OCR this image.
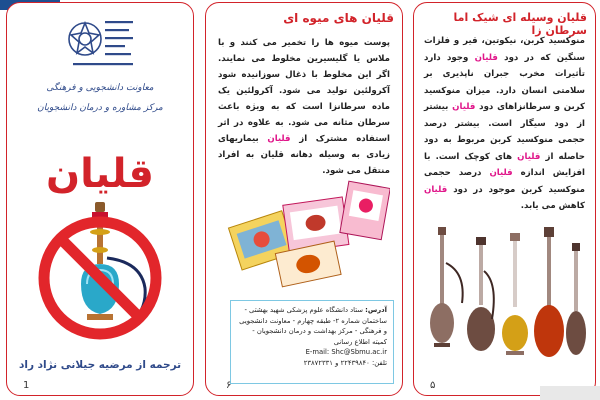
معاونت دانشجویی و فرهنگی
مرکز مشاوره و درمان دانشجویان
قلیان
ترجمه از مرضیه جیلانی نژاد راد
1
قلیان های میوه ای

پوست میوه ها را تخمیر می کنند و با ملاس یا گلیسیرین مخلوط می نمایند. اگر این مخلوط با ذغال سوزانیده شود آکرولئین تولید می شود. آکرولئین یک ماده سرطانزا است که به ویژه باعث سرطان مثانه می شود. به علاوه در اثر استفاده مشترک از قلیان بیماریهای زیادی به وسیله دهانه قلیان به افراد منتقل می شود.

آدرس: ستاد دانشگاه علوم پزشکی شهید بهشتی - ساختمان شماره ۲- طبقه چهارم - معاونت دانشجویی و فرهنگی - مرکز بهداشت و درمان دانشجویان - کمیته اطلاع رسانی
E-mail: Shc@Sbmu.ac.ir
تلفن: ۲۲۴۳۹۸۴۰ و ۲۳۸۷۲۳۳۱
۶
قلیان وسیله ای شیک اما سرطان زا

منوکسید کربن، نیکوتین، قیر و فلزات سنگین که در دود قلیان وجود دارد تأثیرات مخرب جبران ناپذیری بر سلامتی انسان دارد. میزان منوکسید کربن و سرطانزاهای دود قلیان بیشتر از دود سیگار است. بیشتر درصد حجمی منوکسید کربن مربوط به دود حاصله از قلیان های کوچک است. با افزایش اندازه قلیان درصد حجمی منوکسید کربن موجود در دود قلیان کاهش می یابد.

۵
